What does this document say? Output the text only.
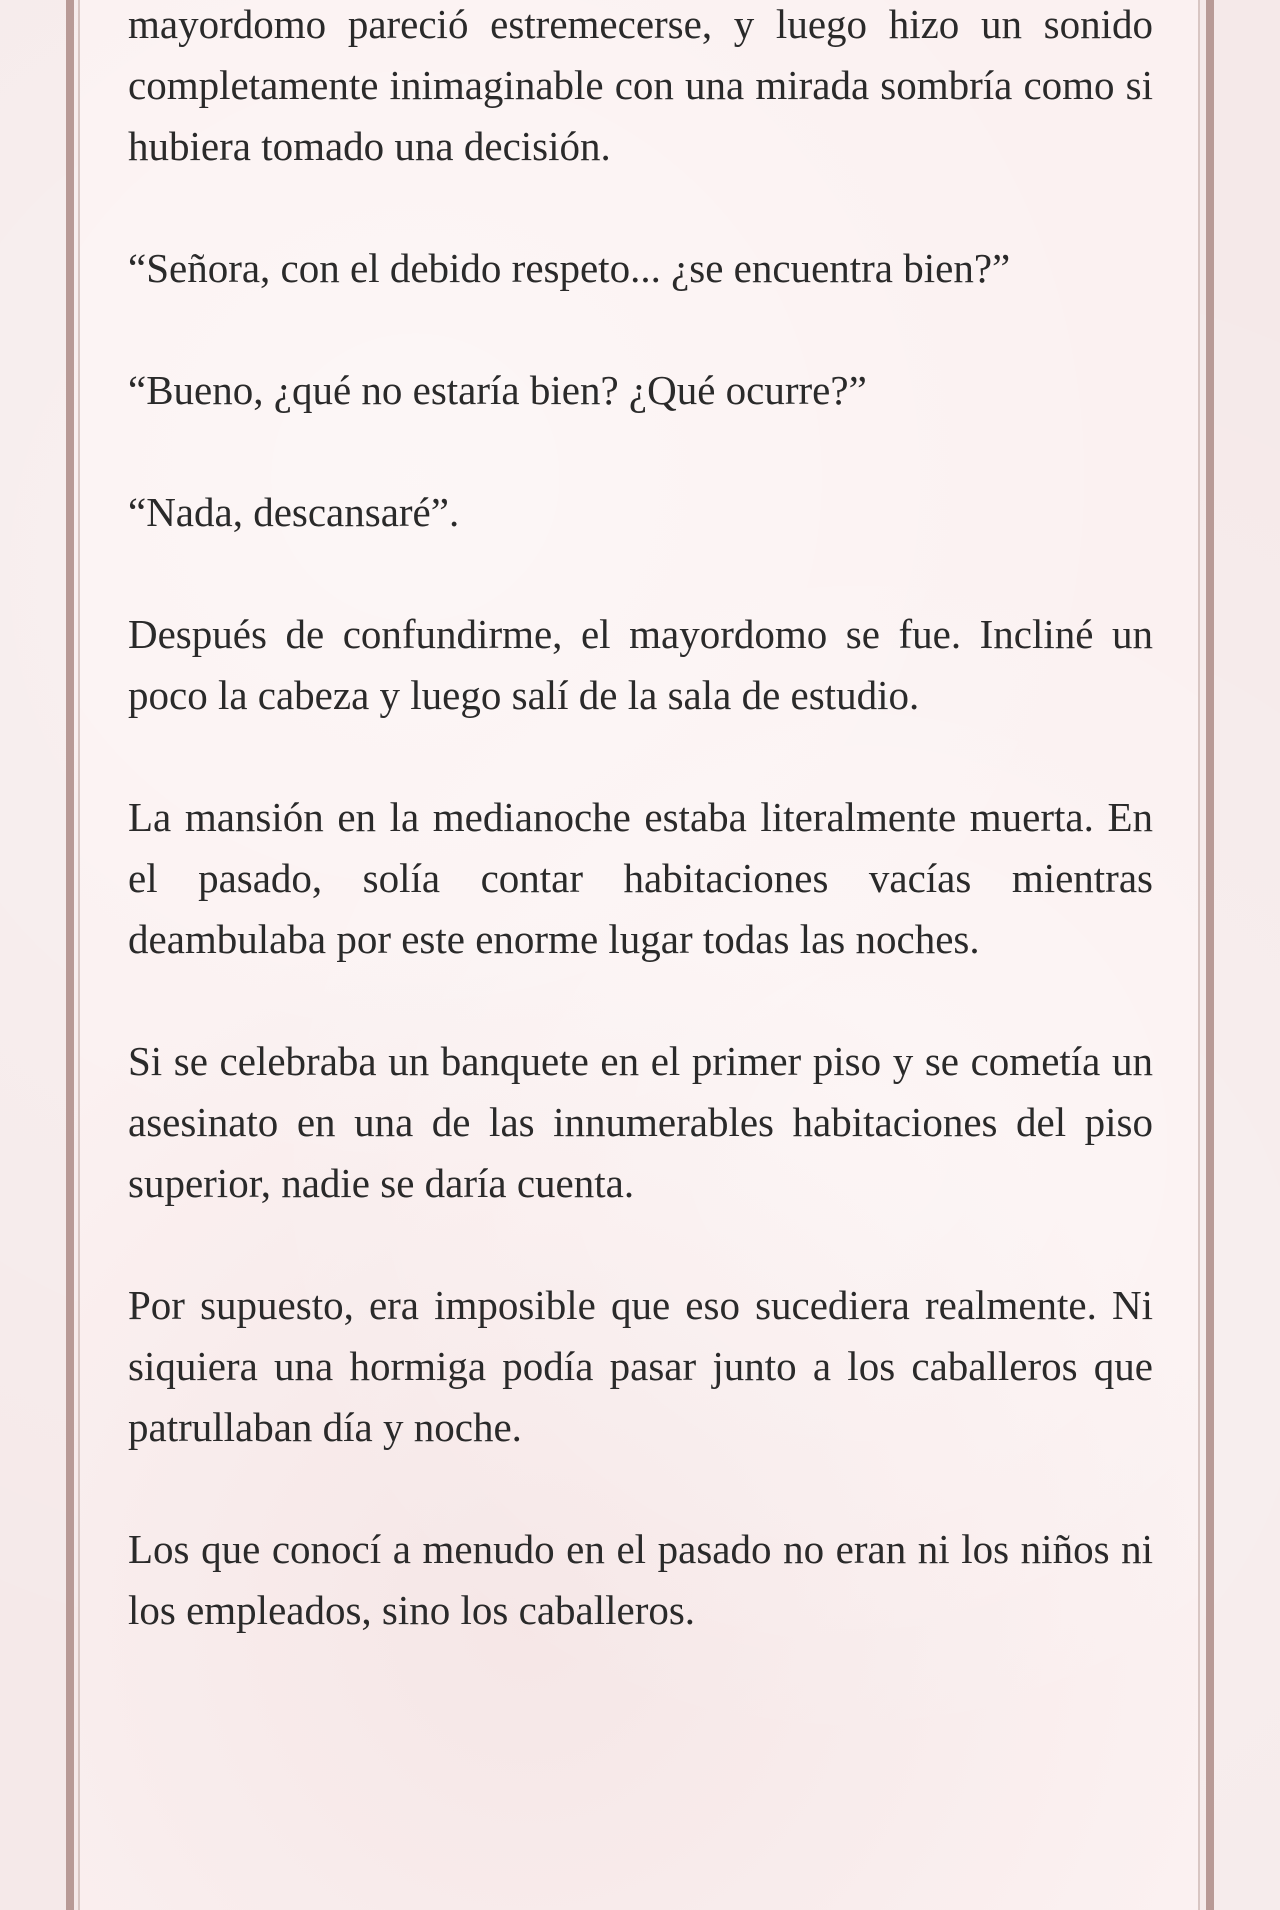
mayordomo pareció estremecerse, y luego hizo un sonido completamente inimaginable con una mirada sombría como si hubiera tomado una decisión.

“Señora, con el debido respeto... ¿se encuentra bien?”

“Bueno, ¿qué no estaría bien? ¿Qué ocurre?”

“Nada, descansaré”.

Después de confundirme, el mayordomo se fue. Incliné un poco la cabeza y luego salí de la sala de estudio.

La mansión en la medianoche estaba literalmente muerta. En el pasado, solía contar habitaciones vacías mientras deambulaba por este enorme lugar todas las noches.

Si se celebraba un banquete en el primer piso y se cometía un asesinato en una de las innumerables habitaciones del piso superior, nadie se daría cuenta.

Por supuesto, era imposible que eso sucediera realmente. Ni siquiera una hormiga podía pasar junto a los caballeros que patrullaban día y noche.

Los que conocí a menudo en el pasado no eran ni los niños ni los empleados, sino los caballeros.
